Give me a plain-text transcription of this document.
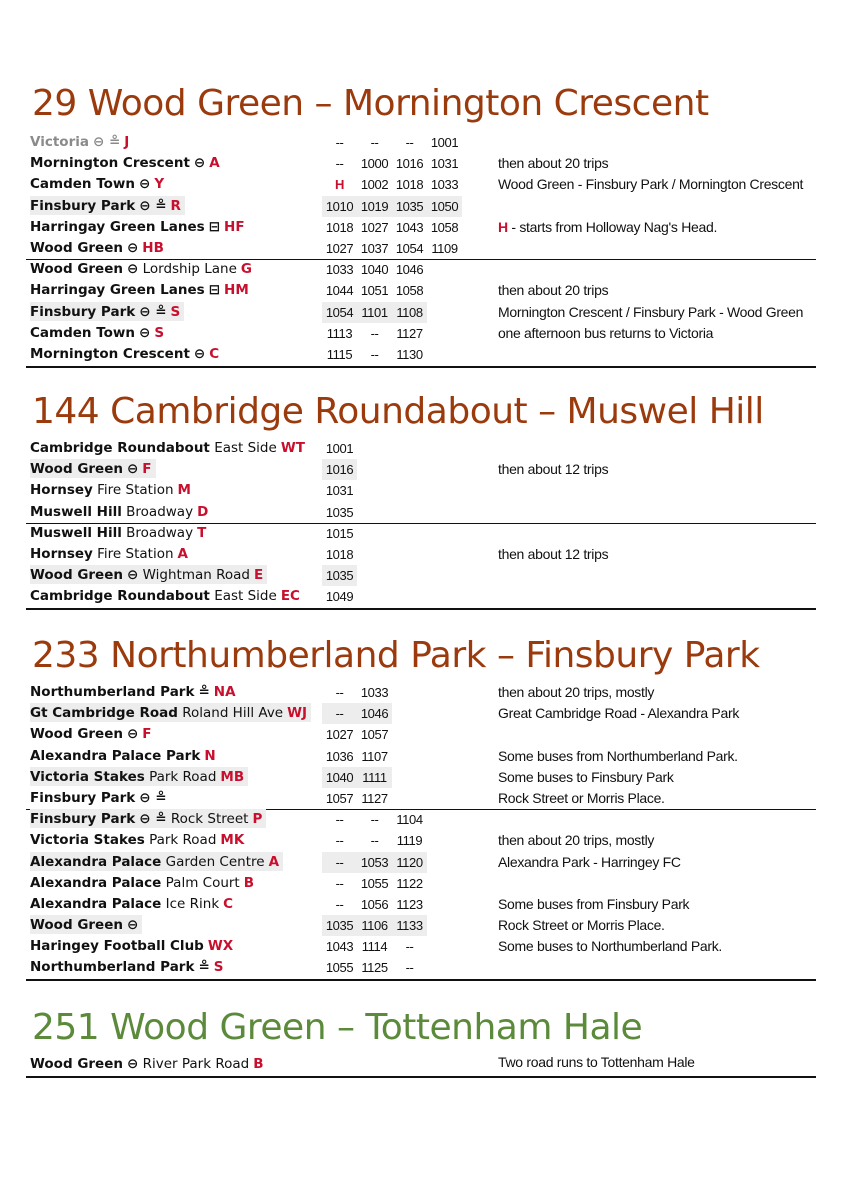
29 Wood Green – Mornington Crescent
Victoria ⊖ ≗ J	-- -- -- 1001
Mornington Crescent ⊖ A	-- 1000 1016 1031	then about 20 trips
Camden Town ⊖ Y	H 1002 1018 1033	Wood Green - Finsbury Park / Mornington Crescent
Finsbury Park ⊖ ≗ R	1010 1019 1035 1050
Harringay Green Lanes ⊟ HF	1018 1027 1043 1058	H - starts from Holloway Nag's Head.
Wood Green ⊖ HB	1027 1037 1054 1109
Wood Green ⊖ Lordship Lane G	1033 1040 1046
Harringay Green Lanes ⊟ HM	1044 1051 1058	then about 20 trips
Finsbury Park ⊖ ≗ S	1054 1101 1108	Mornington Crescent / Finsbury Park - Wood Green
Camden Town ⊖ S	1113 -- 1127	one afternoon bus returns to Victoria
Mornington Crescent ⊖ C	1115 -- 1130
144 Cambridge Roundabout – Muswel Hill
Cambridge Roundabout East Side WT	1001
Wood Green ⊖ F	1016	then about 12 trips
Hornsey Fire Station M	1031
Muswell Hill Broadway D	1035
Muswell Hill Broadway T	1015
Hornsey Fire Station A	1018	then about 12 trips
Wood Green ⊖ Wightman Road E	1035
Cambridge Roundabout East Side EC	1049
233 Northumberland Park – Finsbury Park
Northumberland Park ≗ NA	-- 1033	then about 20 trips, mostly
Gt Cambridge Road Roland Hill Ave WJ	-- 1046	Great Cambridge Road - Alexandra Park
Wood Green ⊖ F	1027 1057
Alexandra Palace Park N	1036 1107	Some buses from Northumberland Park.
Victoria Stakes Park Road MB	1040 1111	Some buses to Finsbury Park
Finsbury Park ⊖ ≗	1057 1127	Rock Street or Morris Place.
Finsbury Park ⊖ ≗ Rock Street P	-- -- 1104
Victoria Stakes Park Road MK	-- -- 1119	then about 20 trips, mostly
Alexandra Palace Garden Centre A	-- 1053 1120	Alexandra Park - Harringey FC
Alexandra Palace Palm Court B	-- 1055 1122
Alexandra Palace Ice Rink C	-- 1056 1123	Some buses from Finsbury Park
Wood Green ⊖	1035 1106 1133	Rock Street or Morris Place.
Haringey Football Club WX	1043 1114 --	Some buses to Northumberland Park.
Northumberland Park ≗ S	1055 1125 --
251 Wood Green – Tottenham Hale
Wood Green ⊖ River Park Road B	Two road runs to Tottenham Hale
